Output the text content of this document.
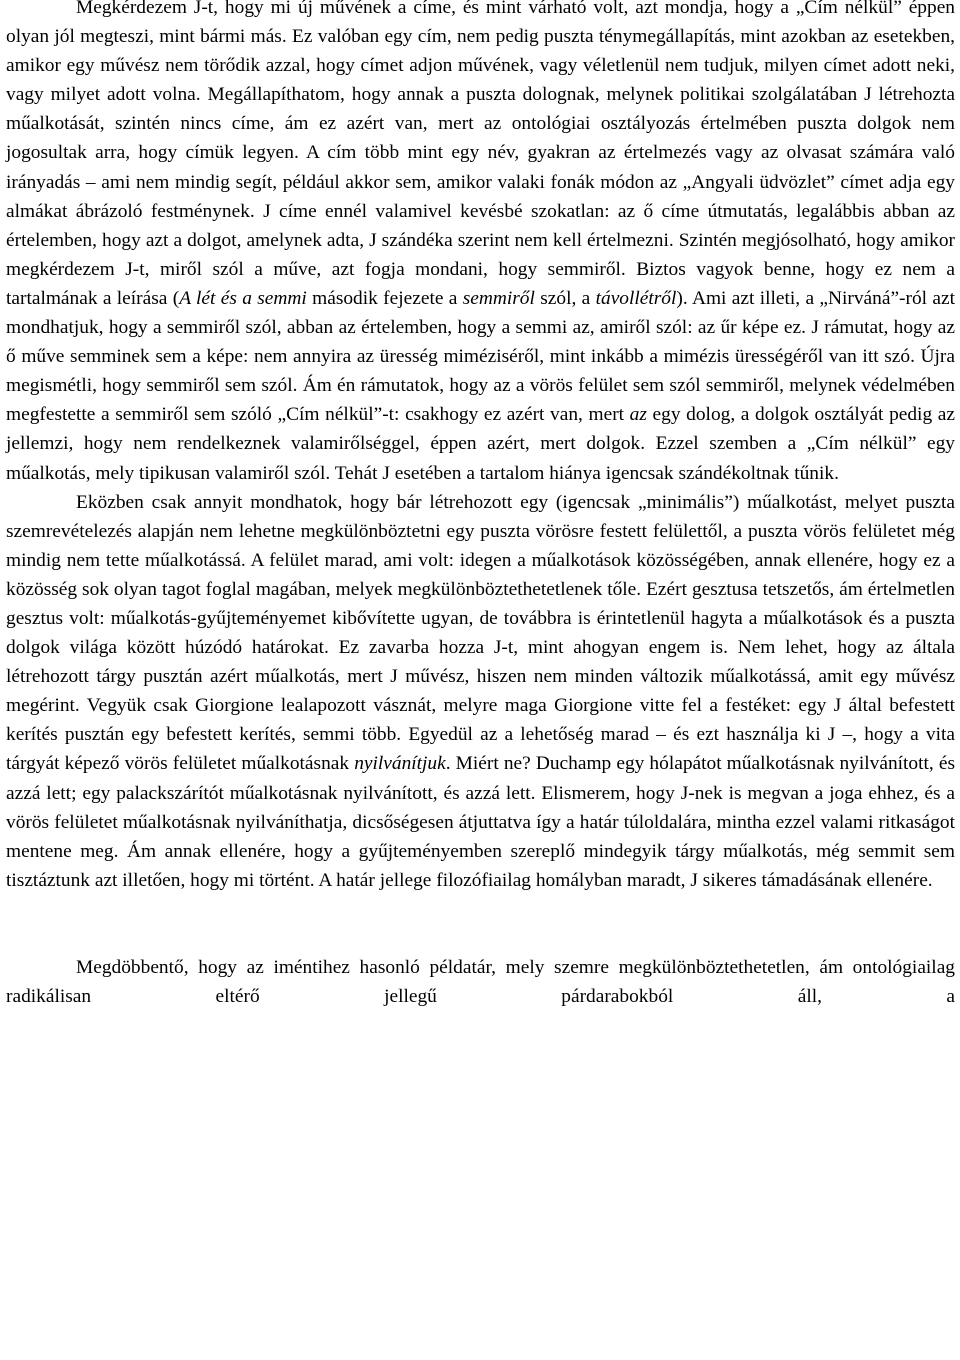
Megkérdezem J-t, hogy mi új művének a címe, és mint várható volt, azt mondja, hogy a „Cím nélkül” éppen olyan jól megteszi, mint bármi más. Ez valóban egy cím, nem pedig puszta ténymegállapítás, mint azokban az esetekben, amikor egy művész nem törődik azzal, hogy címet adjon művének, vagy véletlenül nem tudjuk, milyen címet adott neki, vagy milyet adott volna. Megállapíthatom, hogy annak a puszta dolognak, melynek politikai szolgálatában J létrehozta műalkotását, szintén nincs címe, ám ez azért van, mert az ontológiai osztályozás értelmében puszta dolgok nem jogosultak arra, hogy címük legyen. A cím több mint egy név, gyakran az értelmezés vagy az olvasat számára való irányadás – ami nem mindig segít, például akkor sem, amikor valaki fonák módon az „Angyali üdvözlet” címet adja egy almákat ábrázoló festménynek. J címe ennél valamivel kevésbé szokatlan: az ő címe útmutatás, legalábbis abban az értelemben, hogy azt a dolgot, amelynek adta, J szándéka szerint nem kell értelmezni. Szintén megjósolható, hogy amikor megkérdezem J-t, miről szól a műve, azt fogja mondani, hogy semmiről. Biztos vagyok benne, hogy ez nem a tartalmának a leírása (A lét és a semmi második fejezete a semmiről szól, a távollétről). Ami azt illeti, a „Nirváná”-ról azt mondhatjuk, hogy a semmiről szól, abban az értelemben, hogy a semmi az, amiről szól: az űr képe ez. J rámutat, hogy az ő műve semminek sem a képe: nem annyira az üresség miméziséről, mint inkább a mimézis ürességéről van itt szó. Újra megismétli, hogy semmiről sem szól. Ám én rámutatok, hogy az a vörös felület sem szól semmiről, melynek védelmében megfestette a semmiről sem szóló „Cím nélkül”-t: csakhogy ez azért van, mert az egy dolog, a dolgok osztályát pedig az jellemzi, hogy nem rendelkeznek valamirőlséggel, éppen azért, mert dolgok. Ezzel szemben a „Cím nélkül” egy műalkotás, mely tipikusan valamiről szól. Tehát J esetében a tartalom hiánya igencsak szándékoltnak tűnik.

Eközben csak annyit mondhatok, hogy bár létrehozott egy (igencsak „minimális”) műalkotást, melyet puszta szemrevételezés alapján nem lehetne megkülönböztetni egy puszta vörösre festett felülettől, a puszta vörös felületet még mindig nem tette műalkotássá. A felület marad, ami volt: idegen a műalkotások közösségében, annak ellenére, hogy ez a közösség sok olyan tagot foglal magában, melyek megkülönböztethetetlenek tőle. Ezért gesztusa tetszetős, ám értelmetlen gesztus volt: műalkotás-gyűjteményemet kibővítette ugyan, de továbbra is érintetlenül hagyta a műalkotások és a puszta dolgok világa között húzódó határokat. Ez zavarba hozza J-t, mint ahogyan engem is. Nem lehet, hogy az általa létrehozott tárgy pusztán azért műalkotás, mert J művész, hiszen nem minden változik műalkotássá, amit egy művész megérint. Vegyük csak Giorgione lealapozott vásznát, melyre maga Giorgione vitte fel a festéket: egy J által befestett kerítés pusztán egy befestett kerítés, semmi több. Egyedül az a lehetőség marad – és ezt használja ki J –, hogy a vita tárgyát képező vörös felületet műalkotásnak nyilvánítjuk. Miért ne? Duchamp egy hólapátot műalkotásnak nyilvánított, és azzá lett; egy palackszárítót műalkotásnak nyilvánított, és azzá lett. Elismerem, hogy J-nek is megvan a joga ehhez, és a vörös felületet műalkotásnak nyilváníthatja, dicsőségesen átjuttatva így a határ túloldalára, mintha ezzel valami ritkaságot mentene meg. Ám annak ellenére, hogy a gyűjteményemben szereplő mindegyik tárgy műalkotás, még semmit sem tisztáztunk azt illetően, hogy mi történt. A határ jellege filozófiailag homályban maradt, J sikeres támadásának ellenére.

Megdöbbentő, hogy az iméntihez hasonló példatár, mely szemre megkülönböztethetetlen, ám ontológiailag radikálisan eltérő jellegű párdarabokból áll, a
